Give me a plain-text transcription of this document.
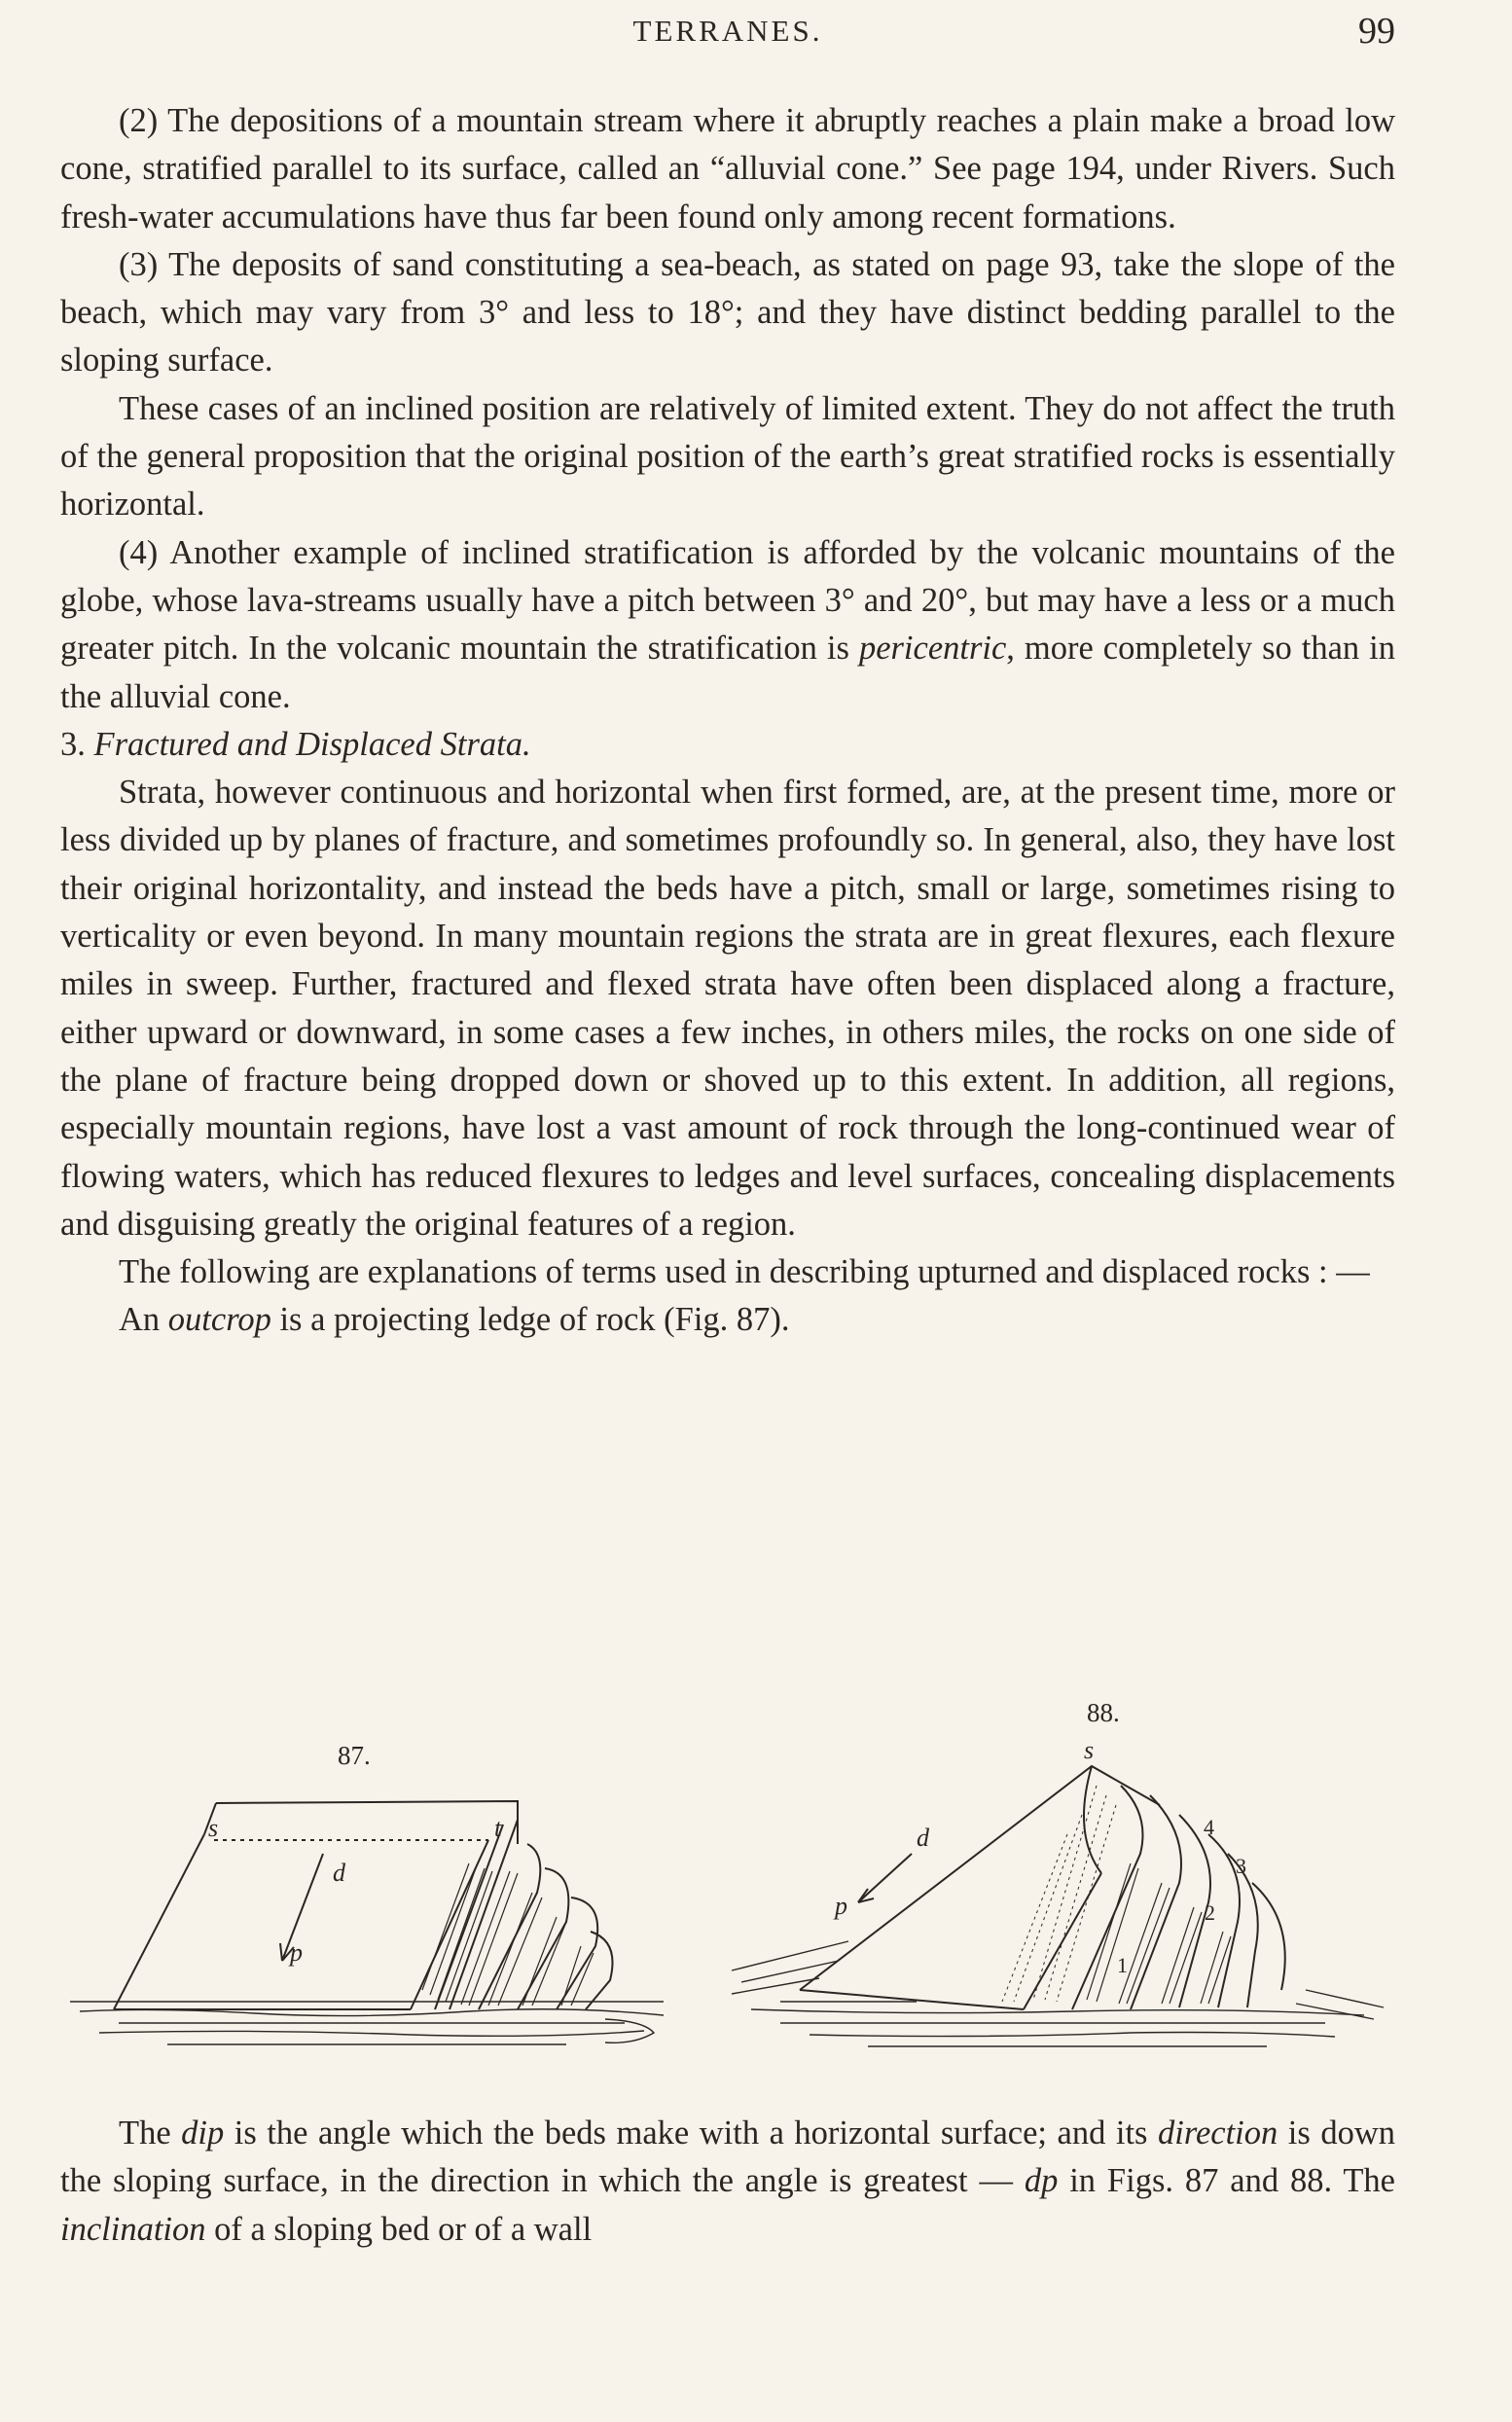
TERRANES.	99

(2) The depositions of a mountain stream where it abruptly reaches a plain make a broad low cone, stratified parallel to its surface, called an “alluvial cone.” See page 194, under Rivers. Such fresh-water accumulations have thus far been found only among recent formations.

(3) The deposits of sand constituting a sea-beach, as stated on page 93, take the slope of the beach, which may vary from 3° and less to 18°; and they have distinct bedding parallel to the sloping surface.

These cases of an inclined position are relatively of limited extent. They do not affect the truth of the general proposition that the original position of the earth’s great stratified rocks is essentially horizontal.

(4) Another example of inclined stratification is afforded by the volcanic mountains of the globe, whose lava-streams usually have a pitch between 3° and 20°, but may have a less or a much greater pitch. In the volcanic mountain the stratification is pericentric, more completely so than in the alluvial cone.

3. Fractured and Displaced Strata.

Strata, however continuous and horizontal when first formed, are, at the present time, more or less divided up by planes of fracture, and sometimes profoundly so. In general, also, they have lost their original horizontality, and instead the beds have a pitch, small or large, sometimes rising to verticality or even beyond. In many mountain regions the strata are in great flexures, each flexure miles in sweep. Further, fractured and flexed strata have often been displaced along a fracture, either upward or downward, in some cases a few inches, in others miles, the rocks on one side of the plane of fracture being dropped down or shoved up to this extent. In addition, all regions, especially mountain regions, have lost a vast amount of rock through the long-continued wear of flowing waters, which has reduced flexures to ledges and level surfaces, concealing displacements and disguising greatly the original features of a region.

The following are explanations of terms used in describing upturned and displaced rocks : —

An outcrop is a projecting ledge of rock (Fig. 87).

87.
s	t
d
p
88.
s
d
p
1
2
3
4

The dip is the angle which the beds make with a horizontal surface; and its direction is down the sloping surface, in the direction in which the angle is greatest — dp in Figs. 87 and 88. The inclination of a sloping bed or of a wall
